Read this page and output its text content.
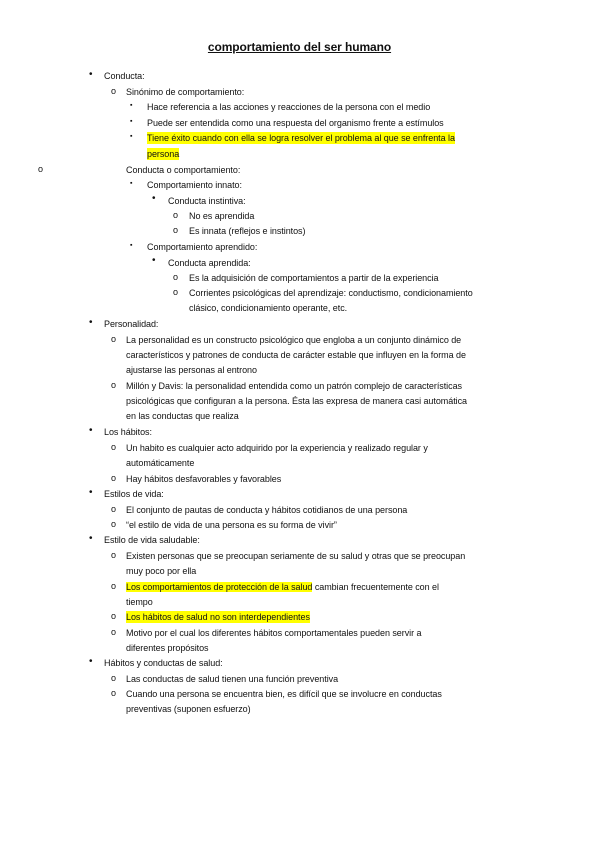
comportamiento del ser humano
• Conducta:
o Sinónimo de comportamiento:
▪ Hace referencia a las acciones y reacciones de la persona con el medio
▪ Puede ser entendida como una respuesta del organismo frente a estímulos
▪ Tiene éxito cuando con ella se logra resolver el problema al que se enfrenta la
persona
o	Conducta o comportamiento:
▪ Comportamiento innato:
• Conducta instintiva:
o No es aprendida
o Es innata (reflejos e instintos)
▪ Comportamiento aprendido:
• Conducta aprendida:
o Es la adquisición de comportamientos a partir de la experiencia
o Corrientes psicológicas del aprendizaje: conductismo, condicionamiento
clásico, condicionamiento operante, etc.
• Personalidad:
o La personalidad es un constructo psicológico que engloba a un conjunto dinámico de
característicos y patrones de conducta de carácter estable que influyen en la forma de
ajustarse las personas al entrono
o Millón y Davis: la personalidad entendida como un patrón complejo de características
psicológicas que configuran a la persona. Ésta las expresa de manera casi automática
en las conductas que realiza
• Los hábitos:
o Un habito es cualquier acto adquirido por la experiencia y realizado regular y
automáticamente
o Hay hábitos desfavorables y favorables
• Estilos de vida:
o El conjunto de pautas de conducta y hábitos cotidianos de una persona
o “el estilo de vida de una persona es su forma de vivir”
• Estilo de vida saludable:
o Existen personas que se preocupan seriamente de su salud y otras que se preocupan
muy poco por ella
o Los comportamientos de protección de la salud cambian frecuentemente con el
tiempo
o Los hábitos de salud no son interdependientes
o Motivo por el cual los diferentes hábitos comportamentales pueden servir a
diferentes propósitos
• Hábitos y conductas de salud:
o Las conductas de salud tienen una función preventiva
o Cuando una persona se encuentra bien, es difícil que se involucre en conductas
preventivas (suponen esfuerzo)
